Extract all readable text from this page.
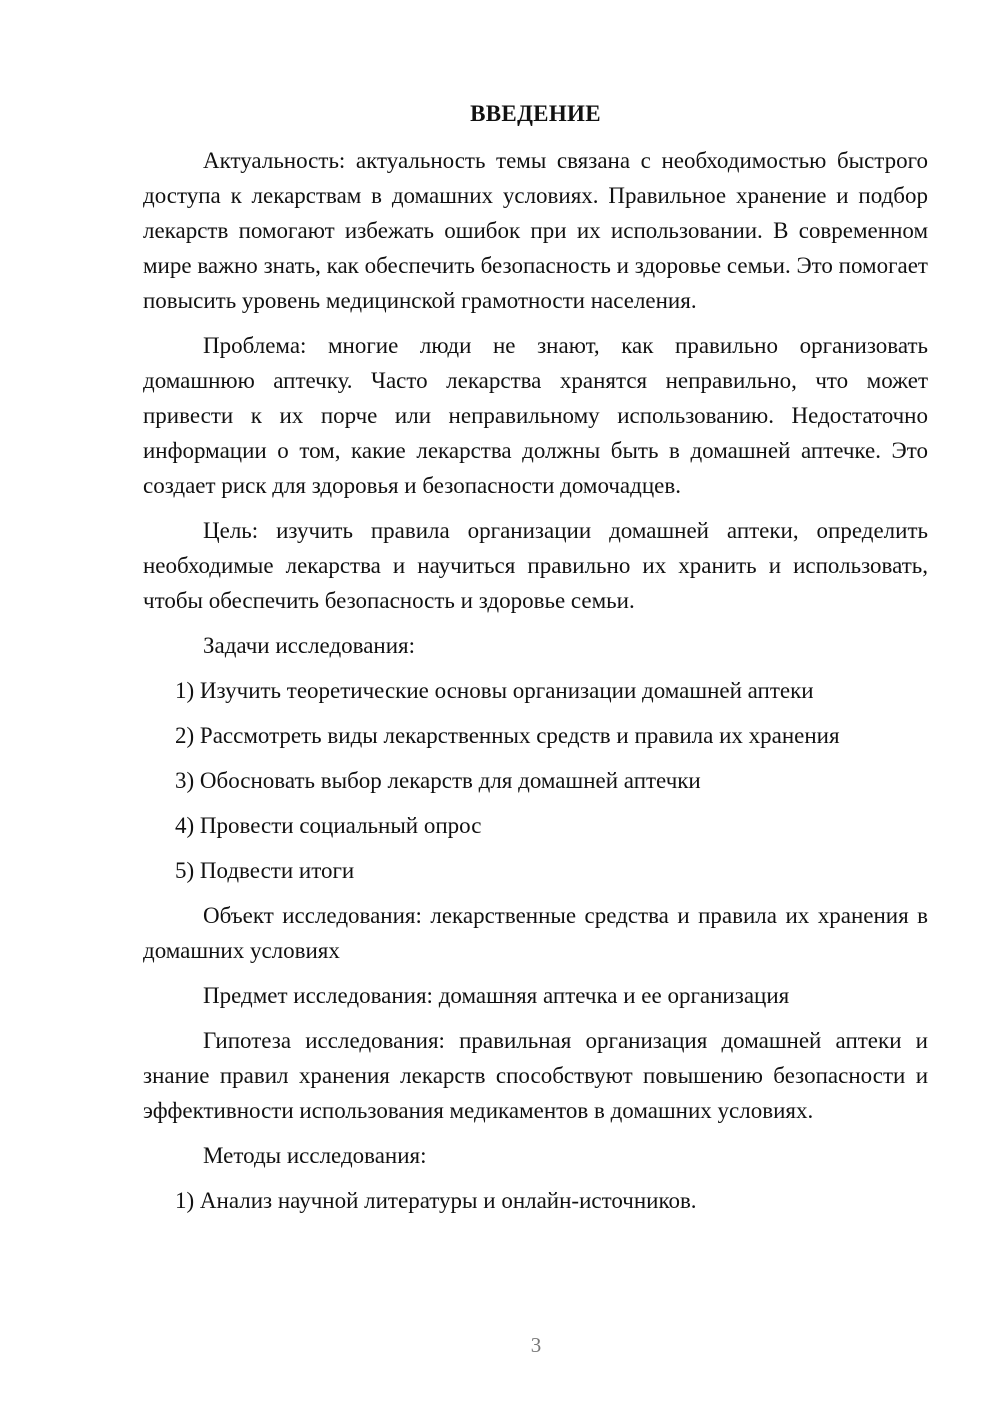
ВВЕДЕНИЕ

Актуальность: актуальность темы связана с необходимостью быстрого доступа к лекарствам в домашних условиях. Правильное хранение и подбор лекарств помогают избежать ошибок при их использовании. В современном мире важно знать, как обеспечить безопасность и здоровье семьи. Это помогает повысить уровень медицинской грамотности населения.

Проблема: многие люди не знают, как правильно организовать домашнюю аптечку. Часто лекарства хранятся неправильно, что может привести к их порче или неправильному использованию. Недостаточно информации о том, какие лекарства должны быть в домашней аптечке. Это создает риск для здоровья и безопасности домочадцев.

Цель: изучить правила организации домашней аптеки, определить необходимые лекарства и научиться правильно их хранить и использовать, чтобы обеспечить безопасность и здоровье семьи.

Задачи исследования:

1) Изучить теоретические основы организации домашней аптеки
2) Рассмотреть виды лекарственных средств и правила их хранения
3) Обосновать выбор лекарств для домашней аптечки
4) Провести социальный опрос
5) Подвести итоги

Объект исследования: лекарственные средства и правила их хранения в домашних условиях

Предмет исследования: домашняя аптечка и ее организация

Гипотеза исследования: правильная организация домашней аптеки и знание правил хранения лекарств способствуют повышению безопасности и эффективности использования медикаментов в домашних условиях.

Методы исследования:

1) Анализ научной литературы и онлайн-источников.
3
